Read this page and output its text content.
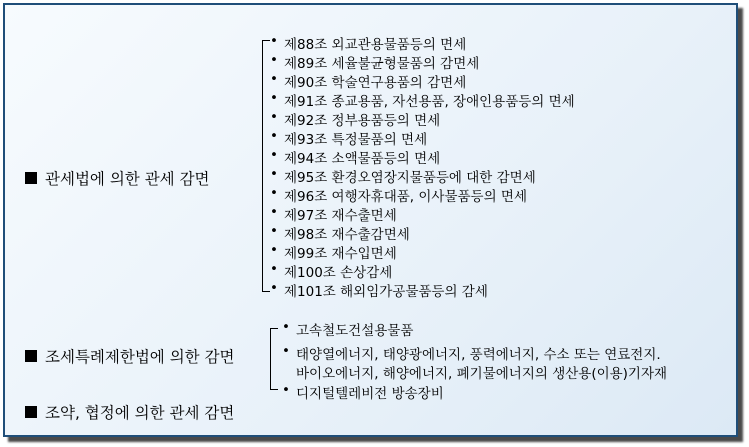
관세법에 의한 관세 감면
• 제88조 외교관용물품등의 면세
• 제89조 세율불균형물품의 감면세
• 제90조 학술연구용품의 감면세
• 제91조 종교용품, 자선용품, 장애인용품등의 면세
• 제92조 정부용품등의 면세
• 제93조 특정물품의 면세
• 제94조 소액물품등의 면세
• 제95조 환경오염장지물품등에 대한 감면세
• 제96조 여행자휴대품, 이사물품등의 면세
• 제97조 재수출면세
• 제98조 재수출감면세
• 제99조 재수입면세
• 제100조 손상감세
• 제101조 해외임가공물품등의 감세
조세특례제한법에 의한 감면
• 고속철도건설용물품
• 태양열에너지, 태양광에너지, 풍력에너지, 수소 또는 연료전지.
바이오에너지, 해양에너지, 폐기물에너지의 생산용(이용)기자재
• 디지털텔레비전 방송장비
조약, 협정에 의한 관세 감면
